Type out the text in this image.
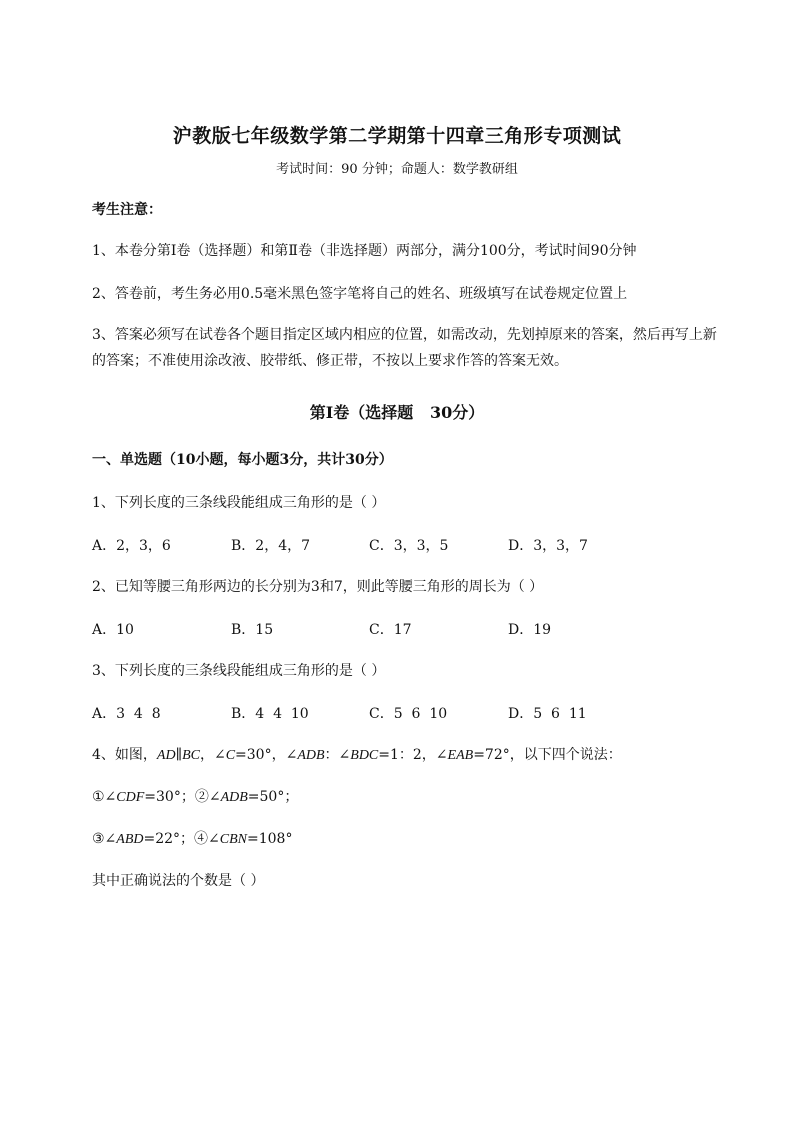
沪教版七年级数学第二学期第十四章三角形专项测试
考试时间：90 分钟；命题人：数学教研组
考生注意：
1、本卷分第Ⅰ卷（选择题）和第Ⅱ卷（非选择题）两部分，满分100分，考试时间90分钟
2、答卷前，考生务必用0.5毫米黑色签字笔将自己的姓名、班级填写在试卷规定位置上
3、答案必须写在试卷各个题目指定区域内相应的位置，如需改动，先划掉原来的答案，然后再写上新
的答案；不准使用涂改液、胶带纸、修正带，不按以上要求作答的答案无效。
第Ⅰ卷（选择题   30分）
一、单选题（10小题，每小题3分，共计30分）
1、下列长度的三条线段能组成三角形的是（ ）
A．2，3，6	B．2，4，7	C．3，3，5	D．3，3，7
2、已知等腰三角形两边的长分别为3和7，则此等腰三角形的周长为（ ）
A．10	B．15	C．17	D．19
3、下列长度的三条线段能组成三角形的是（ ）
A．3  4  8	B．4  4  10	C．5  6  10	D．5  6  11
4、如图，AD∥BC，∠C=30°，∠ADB：∠BDC=1：2，∠EAB=72°，以下四个说法：
①∠CDF=30°；②∠ADB=50°；
③∠ABD=22°；④∠CBN=108°
其中正确说法的个数是（ ）
